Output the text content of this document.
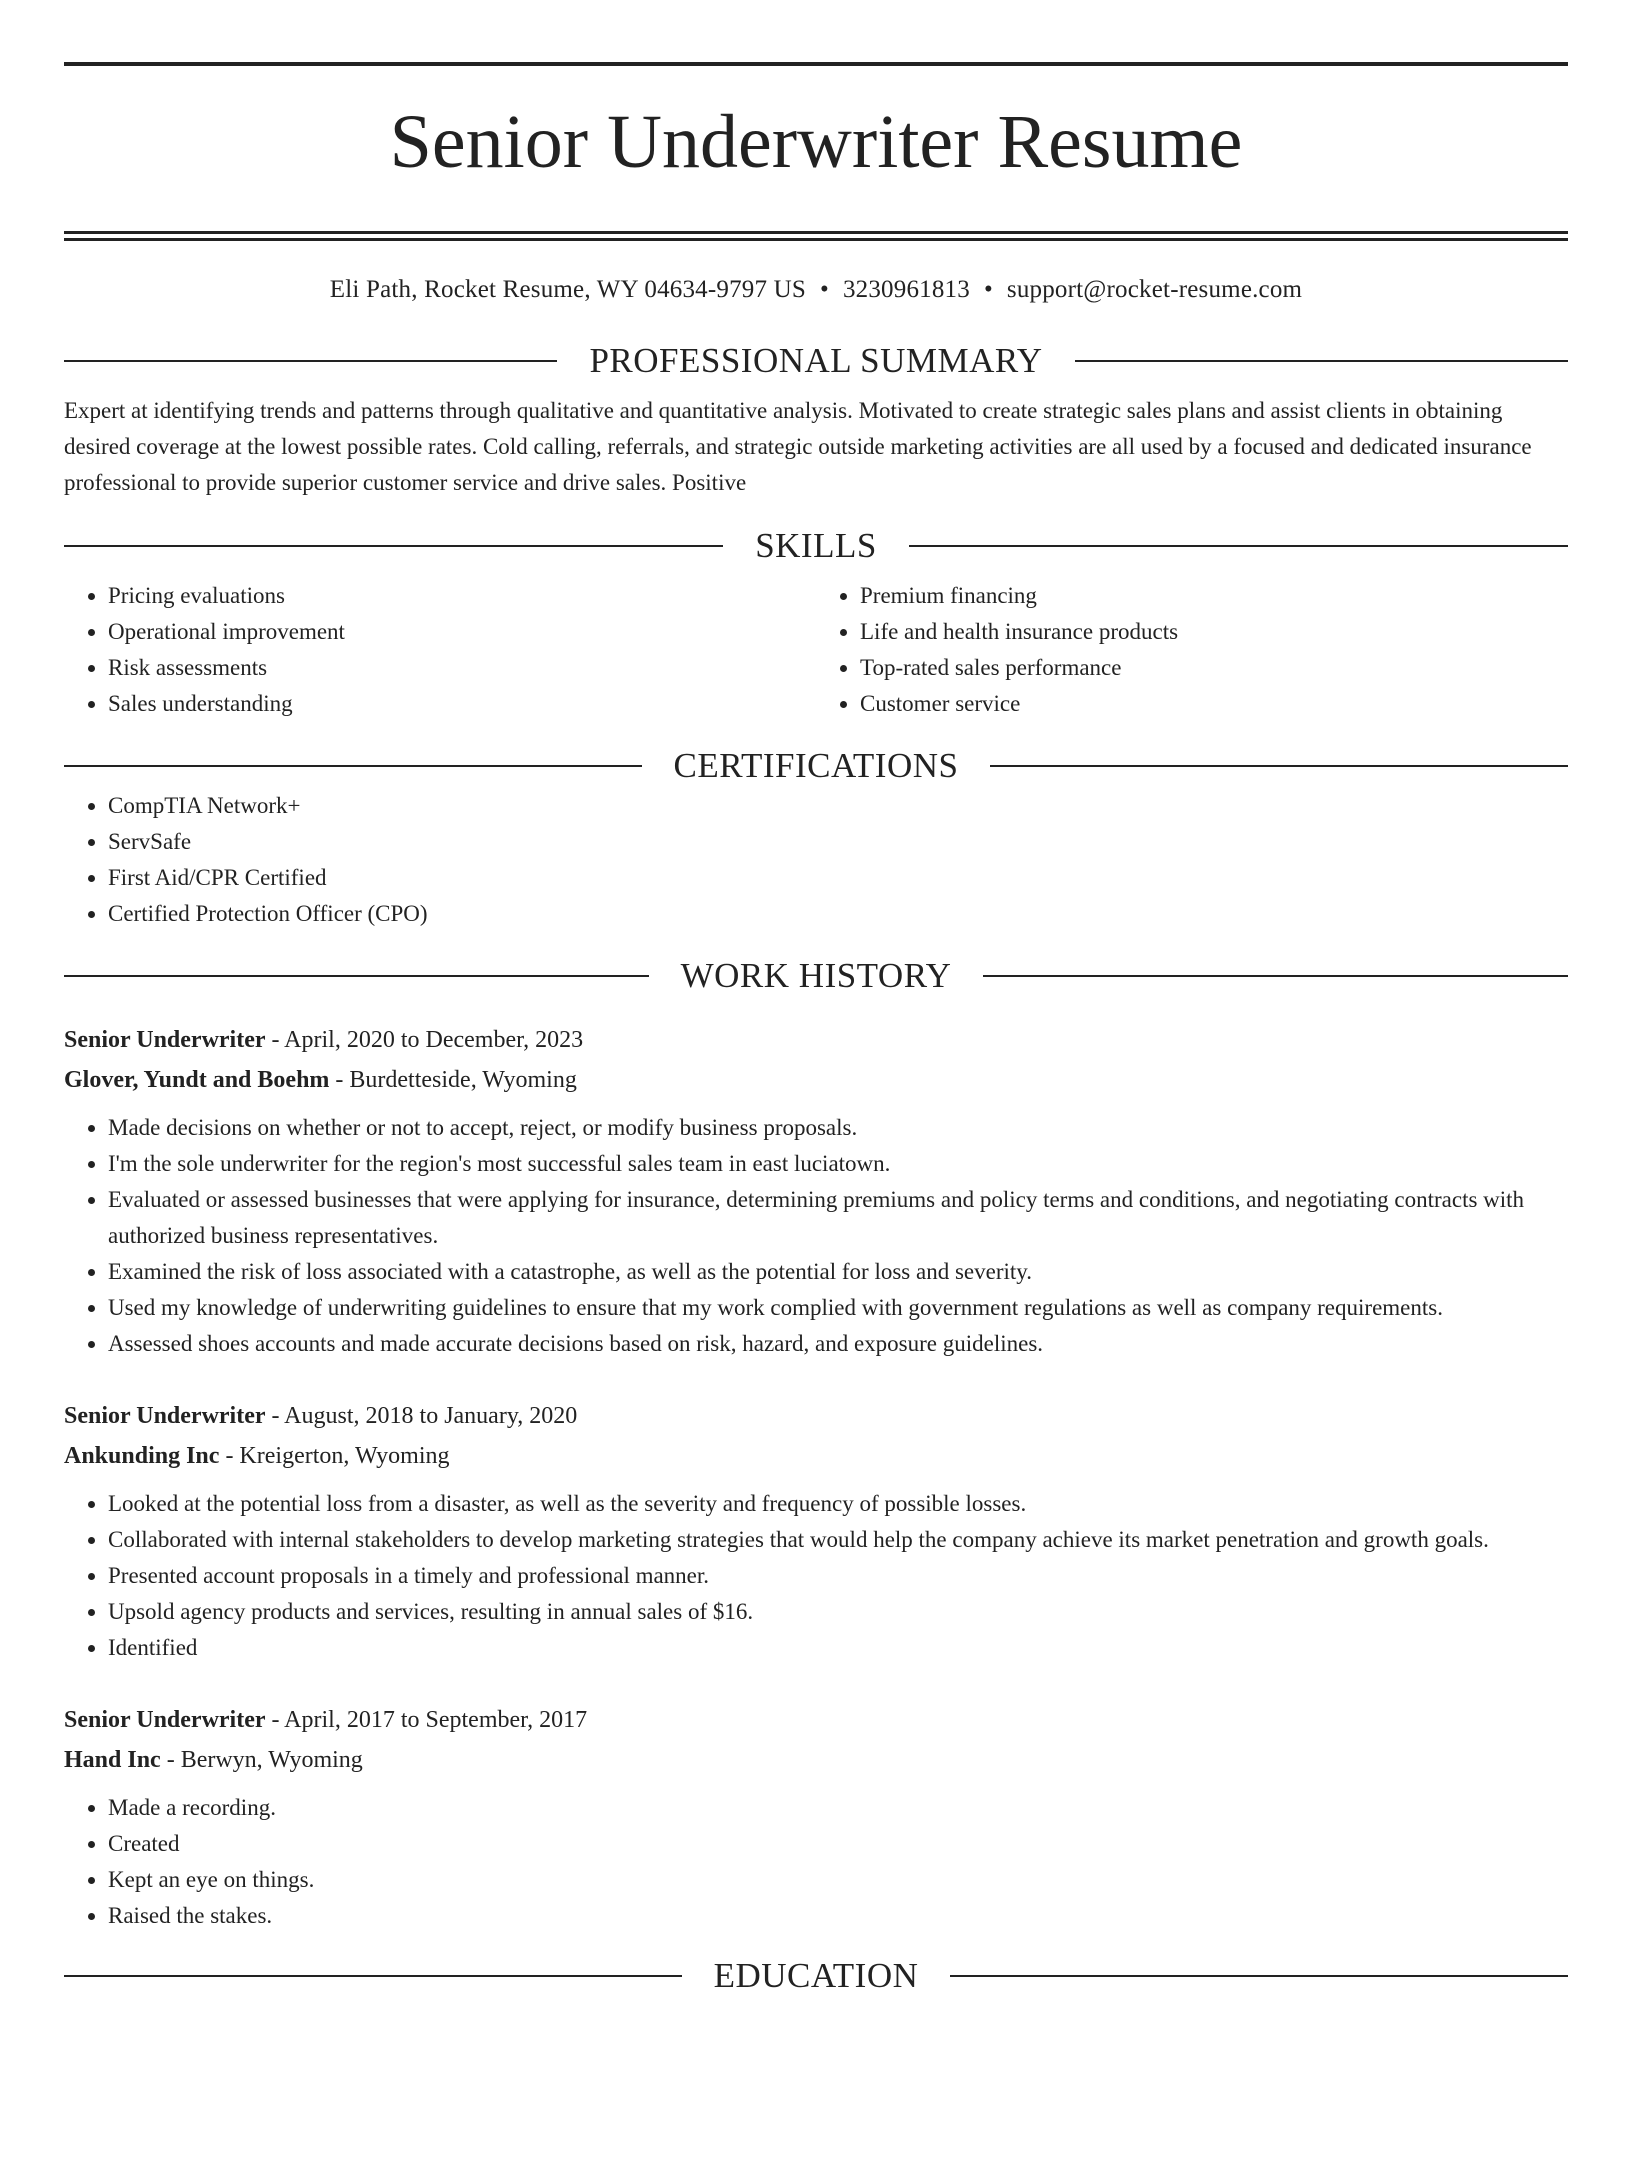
Senior Underwriter Resume
Eli Path, Rocket Resume, WY 04634-9797 US • 3230961813 • support@rocket-resume.com
PROFESSIONAL SUMMARY

Expert at identifying trends and patterns through qualitative and quantitative analysis. Motivated to create strategic sales plans and assist clients in obtaining desired coverage at the lowest possible rates. Cold calling, referrals, and strategic outside marketing activities are all used by a focused and dedicated insurance professional to provide superior customer service and drive sales. Positive

SKILLS
• Pricing evaluations
• Operational improvement
• Risk assessments
• Sales understanding
• Premium financing
• Life and health insurance products
• Top-rated sales performance
• Customer service
CERTIFICATIONS
• CompTIA Network+
• ServSafe
• First Aid/CPR Certified
• Certified Protection Officer (CPO)
WORK HISTORY
Senior Underwriter - April, 2020 to December, 2023
Glover, Yundt and Boehm - Burdetteside, Wyoming
• Made decisions on whether or not to accept, reject, or modify business proposals.
• I'm the sole underwriter for the region's most successful sales team in east luciatown.
• Evaluated or assessed businesses that were applying for insurance, determining premiums and policy terms and conditions, and negotiating contracts with authorized business representatives.
• Examined the risk of loss associated with a catastrophe, as well as the potential for loss and severity.
• Used my knowledge of underwriting guidelines to ensure that my work complied with government regulations as well as company requirements.
• Assessed shoes accounts and made accurate decisions based on risk, hazard, and exposure guidelines.
Senior Underwriter - August, 2018 to January, 2020
Ankunding Inc - Kreigerton, Wyoming
• Looked at the potential loss from a disaster, as well as the severity and frequency of possible losses.
• Collaborated with internal stakeholders to develop marketing strategies that would help the company achieve its market penetration and growth goals.
• Presented account proposals in a timely and professional manner.
• Upsold agency products and services, resulting in annual sales of $16.
• Identified
Senior Underwriter - April, 2017 to September, 2017
Hand Inc - Berwyn, Wyoming
• Made a recording.
• Created
• Kept an eye on things.
• Raised the stakes.
EDUCATION
